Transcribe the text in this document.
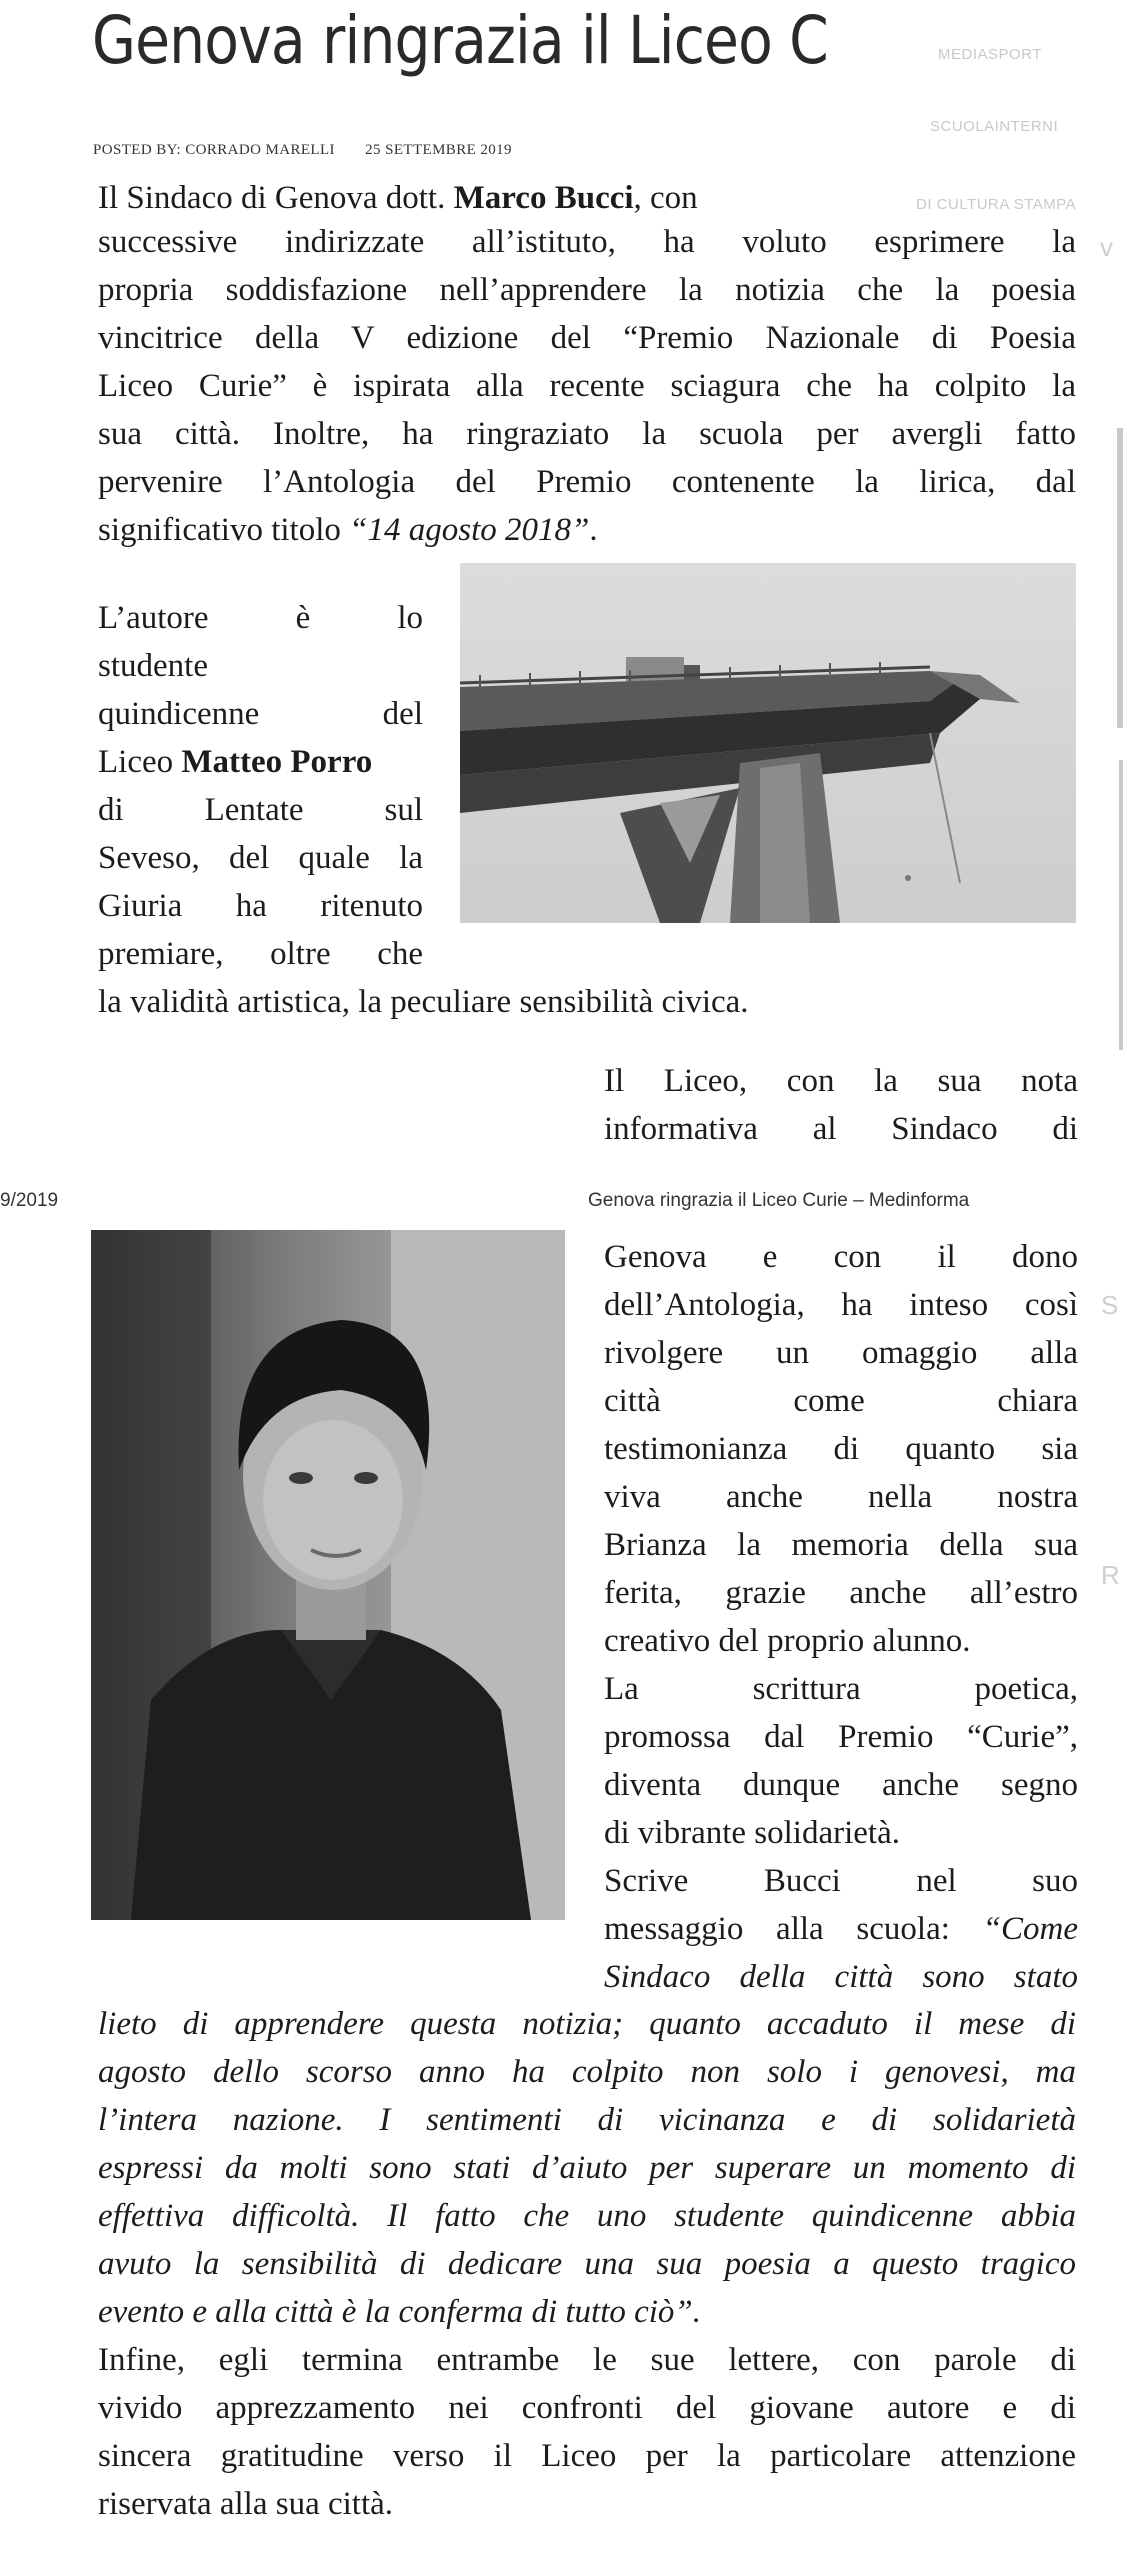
Genova ringrazia il Liceo C
POSTED BY: CORRADO MARELLI 25 SETTEMBRE 2019
MEDIASPORT
SCUOLAINTERNI
DI CULTURA STAMPA
v
S
R
Il Sindaco di Genova dott. Marco Bucci, con
successive indirizzate all’istituto, ha voluto esprimere la
propria soddisfazione nell’apprendere la notizia che la poesia
vincitrice della V edizione del “Premio Nazionale di Poesia
Liceo Curie” è ispirata alla recente sciagura che ha colpito la
sua città. Inoltre, ha ringraziato la scuola per avergli fatto
pervenire l’Antologia del Premio contenente la lirica, dal
significativo titolo “14 agosto 2018”.
L’autore è lo
studente
quindicenne del
Liceo Matteo Porro
di Lentate sul
Seveso, del quale la
Giuria ha ritenuto
premiare, oltre che
la validità artistica, la peculiare sensibilità civica.
Il Liceo, con la sua nota
informativa al Sindaco di
9/2019	Genova ringrazia il Liceo Curie – Medinforma
Genova e con il dono
dell’Antologia, ha inteso così
rivolgere un omaggio alla
città come chiara
testimonianza di quanto sia
viva anche nella nostra
Brianza la memoria della sua
ferita, grazie anche all’estro
creativo del proprio alunno.
La scrittura poetica,
promossa dal Premio “Curie”,
diventa dunque anche segno
di vibrante solidarietà.
Scrive Bucci nel suo
messaggio alla scuola: “Come
Sindaco della città sono stato
lieto di apprendere questa notizia; quanto accaduto il mese di
agosto dello scorso anno ha colpito non solo i genovesi, ma
l’intera nazione. I sentimenti di vicinanza e di solidarietà
espressi da molti sono stati d’aiuto per superare un momento di
effettiva difficoltà. Il fatto che uno studente quindicenne abbia
avuto la sensibilità di dedicare una sua poesia a questo tragico
evento e alla città è la conferma di tutto ciò”.
Infine, egli termina entrambe le sue lettere, con parole di
vivido apprezzamento nei confronti del giovane autore e di
sincera gratitudine verso il Liceo per la particolare attenzione
riservata alla sua città.
